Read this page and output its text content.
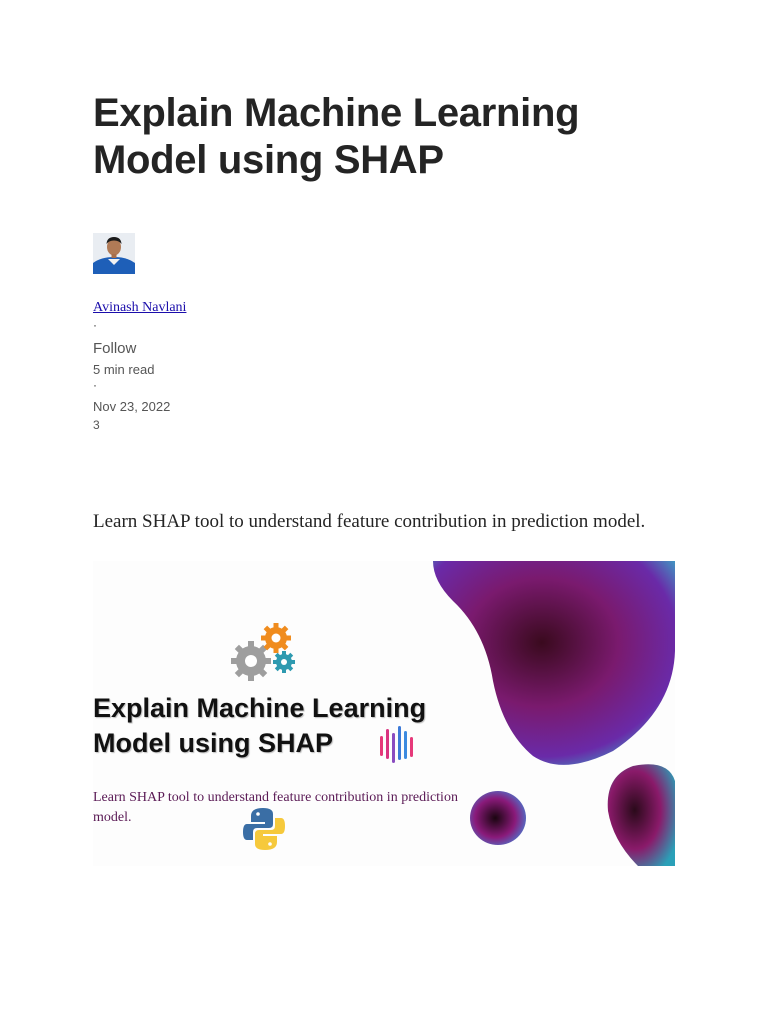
Explain Machine Learning Model using SHAP
Avinash Navlani
·
Follow
5 min read
·
Nov 23, 2022
3

Learn SHAP tool to understand feature contribution in prediction model.

Explain Machine Learning Model using SHAP
Learn SHAP tool to understand feature contribution in prediction model.
